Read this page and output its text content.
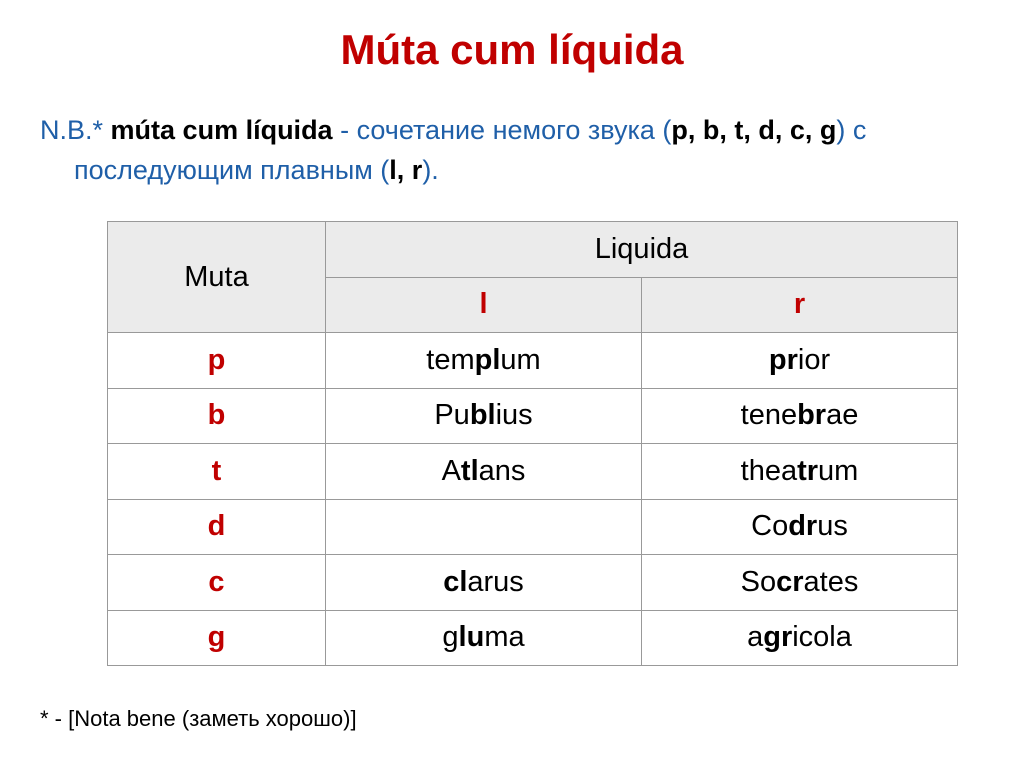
Múta cum líquida
N.B.* múta cum líquida - сочетание немого звука (p, b, t, d, c, g) с
последующим плавным (l, r).
Muta	Liquida	
	l	r
p	templum	prior
b	Publius	tenebrae
t	Atlans	theatrum
d		Codrus
c	clarus	Socrates
g	gluma	agricola
* - [Nota bene (заметь хорошо)]
